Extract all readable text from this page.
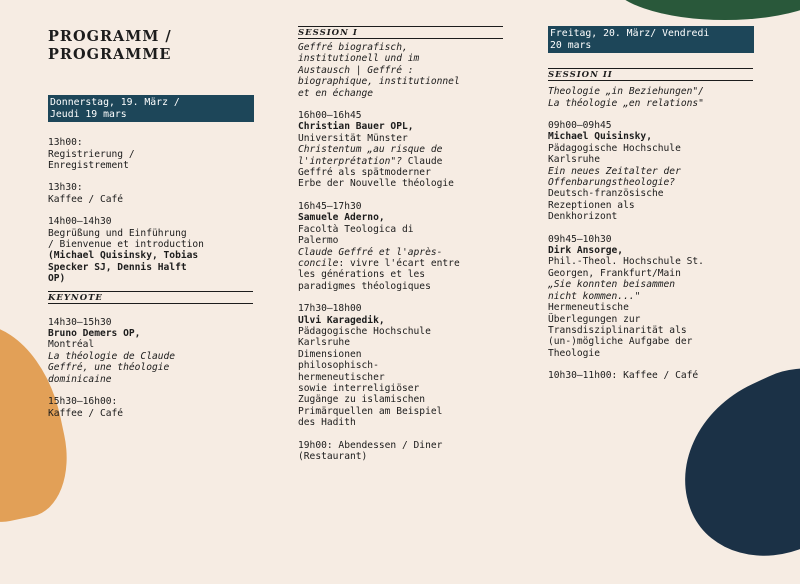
PROGRAMM /
PROGRAMME
Donnerstag, 19. März /
Jeudi 19 mars

13h00:

Registrierung /

Enregistrement

13h30:

Kaffee / Café

14h00–14h30

Begrüßung und Einführung

/ Bienvenue et introduction

(Michael Quisinsky, Tobias

Specker SJ, Dennis Halft

OP)

KEYNOTE

14h30–15h30

Bruno Demers OP,

Montréal

La théologie de Claude

Geffré, une théologie

dominicaine

15h30–16h00:

Kaffee / Café

SESSION I

Geffré biografisch,

institutionell und im

Austausch | Geffré :

biographique, institutionnel

et en échange

16h00–16h45

Christian Bauer OPL,

Universität Münster

Christentum „au risque de

l'interprétation"? Claude

Geffré als spätmoderner

Erbe der Nouvelle théologie

16h45–17h30

Samuele Aderno,

Facoltà Teologica di

Palermo

Claude Geffré et l'après-

concile: vivre l'écart entre

les générations et les

paradigmes théologiques

17h30–18h00

Ulvi Karagedik,

Pädagogische Hochschule

Karlsruhe

Dimensionen

philosophisch-

hermeneutischer

sowie interreligiöser

Zugänge zu islamischen

Primärquellen am Beispiel

des Hadith

19h00: Abendessen / Diner

(Restaurant)

Freitag, 20. März/ Vendredi
20 mars
SESSION II

Theologie „in Beziehungen"/

La théologie „en relations"

09h00–09h45

Michael Quisinsky,

Pädagogische Hochschule

Karlsruhe

Ein neues Zeitalter der

Offenbarungstheologie?

Deutsch-französische

Rezeptionen als

Denkhorizont

09h45–10h30

Dirk Ansorge,

Phil.-Theol. Hochschule St.

Georgen, Frankfurt/Main

„Sie konnten beisammen

nicht kommen..."

Hermeneutische

Überlegungen zur

Transdisziplinarität als

(un-)mögliche Aufgabe der

Theologie

10h30–11h00: Kaffee / Café
